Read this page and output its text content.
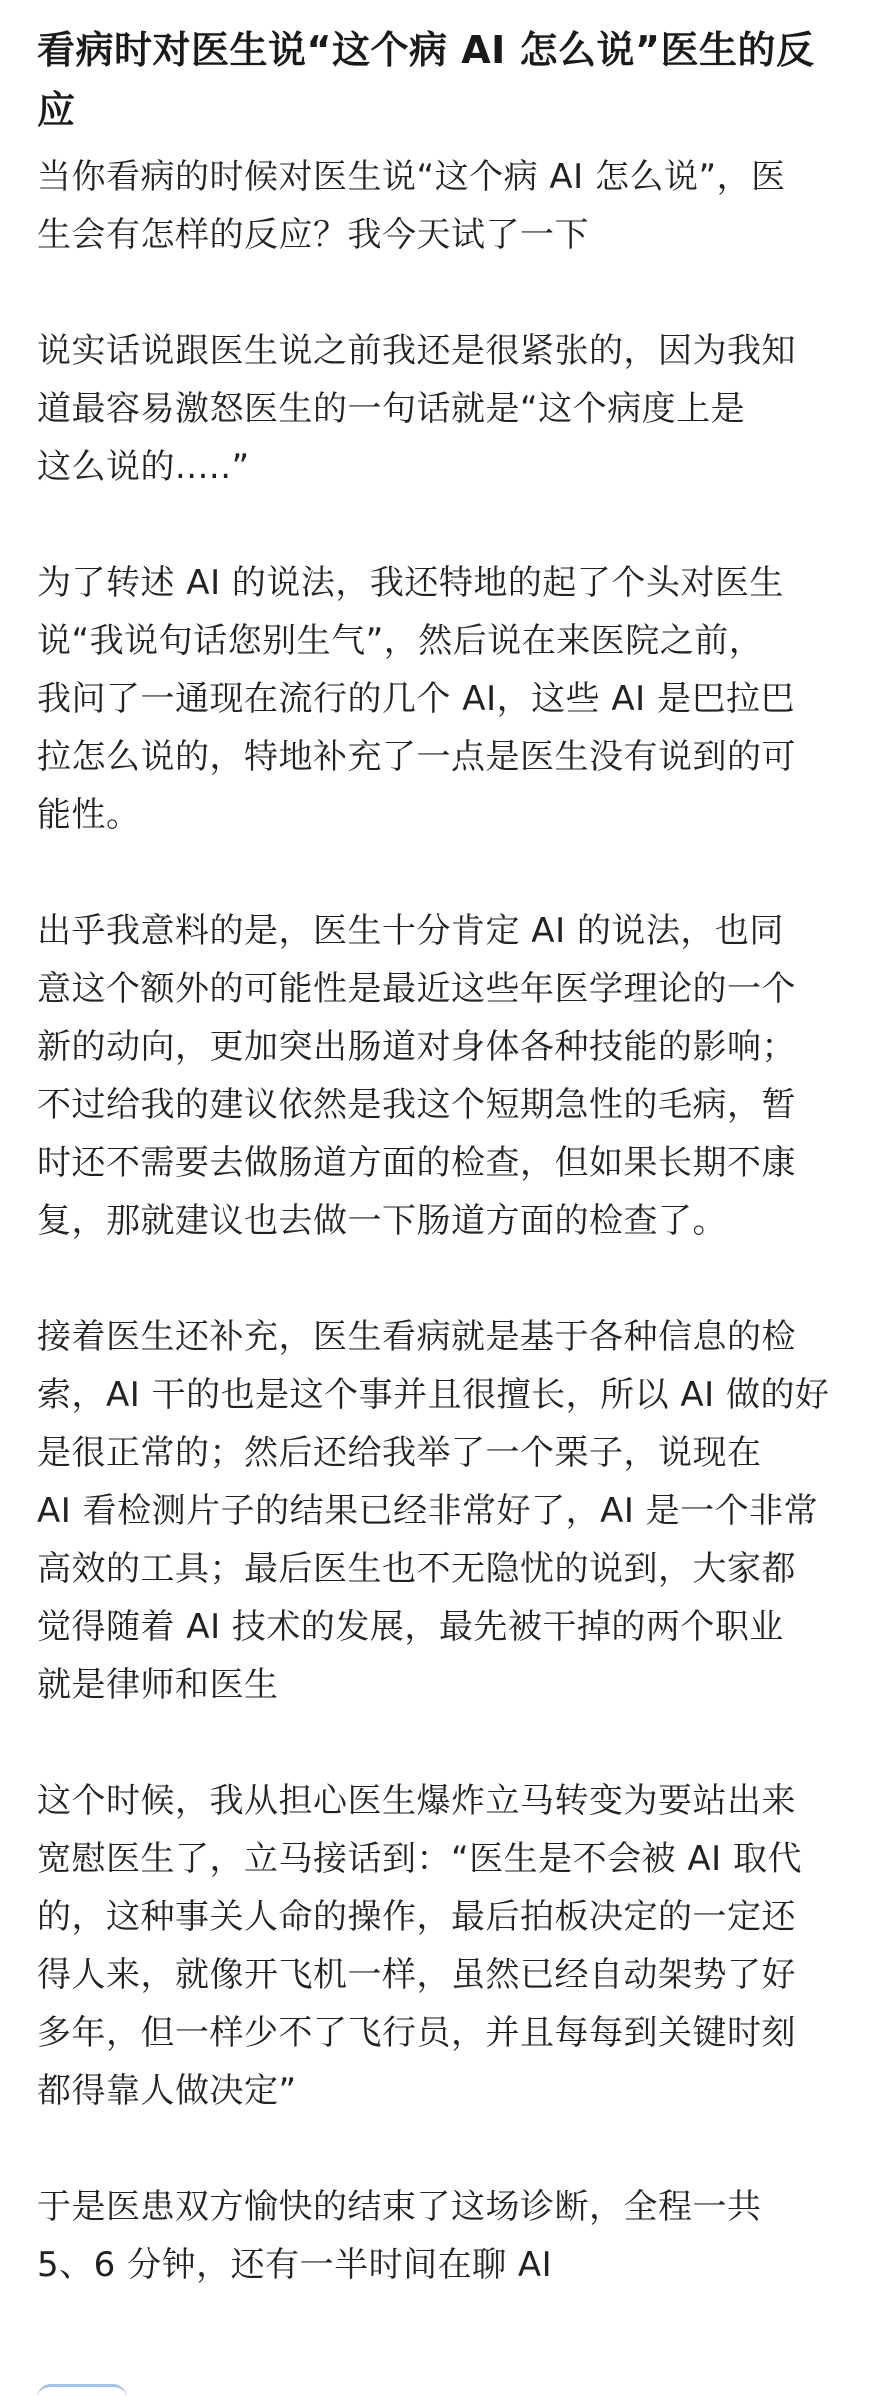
看病时对医生说“这个病 AI 怎么说”医生的反
应
当你看病的时候对医生说“这个病 AI 怎么说”，医
生会有怎样的反应？我今天试了一下
说实话说跟医生说之前我还是很紧张的，因为我知
道最容易激怒医生的一句话就是“这个病度上是
这么说的.....”
为了转述 AI 的说法，我还特地的起了个头对医生
说“我说句话您别生气”，然后说在来医院之前，
我问了一通现在流行的几个 AI，这些 AI 是巴拉巴
拉怎么说的，特地补充了一点是医生没有说到的可
能性。
出乎我意料的是，医生十分肯定 AI 的说法，也同
意这个额外的可能性是最近这些年医学理论的一个
新的动向，更加突出肠道对身体各种技能的影响；
不过给我的建议依然是我这个短期急性的毛病，暂
时还不需要去做肠道方面的检查，但如果长期不康
复，那就建议也去做一下肠道方面的检查了。
接着医生还补充，医生看病就是基于各种信息的检
索，AI 干的也是这个事并且很擅长，所以 AI 做的好
是很正常的；然后还给我举了一个栗子，说现在
AI 看检测片子的结果已经非常好了，AI 是一个非常
高效的工具；最后医生也不无隐忧的说到，大家都
觉得随着 AI 技术的发展，最先被干掉的两个职业
就是律师和医生
这个时候，我从担心医生爆炸立马转变为要站出来
宽慰医生了，立马接话到：“医生是不会被 AI 取代
的，这种事关人命的操作，最后拍板决定的一定还
得人来，就像开飞机一样，虽然已经自动架势了好
多年，但一样少不了飞行员，并且每每到关键时刻
都得靠人做决定”
于是医患双方愉快的结束了这场诊断，全程一共
5、6 分钟，还有一半时间在聊 AI
